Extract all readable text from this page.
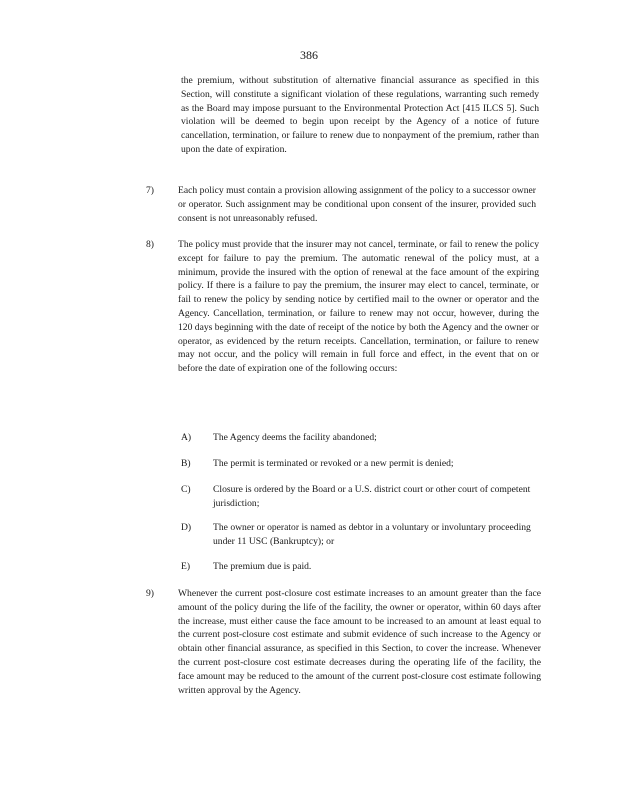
386
the premium, without substitution of alternative financial assurance as specified in this Section, will constitute a significant violation of these regulations, warranting such remedy as the Board may impose pursuant to the Environmental Protection Act [415 ILCS 5]. Such violation will be deemed to begin upon receipt by the Agency of a notice of future cancellation, termination, or failure to renew due to nonpayment of the premium, rather than upon the date of expiration.
7)	Each policy must contain a provision allowing assignment of the policy to a successor owner or operator. Such assignment may be conditional upon consent of the insurer, provided such consent is not unreasonably refused.
8)	The policy must provide that the insurer may not cancel, terminate, or fail to renew the policy except for failure to pay the premium. The automatic renewal of the policy must, at a minimum, provide the insured with the option of renewal at the face amount of the expiring policy. If there is a failure to pay the premium, the insurer may elect to cancel, terminate, or fail to renew the policy by sending notice by certified mail to the owner or operator and the Agency. Cancellation, termination, or failure to renew may not occur, however, during the 120 days beginning with the date of receipt of the notice by both the Agency and the owner or operator, as evidenced by the return receipts. Cancellation, termination, or failure to renew may not occur, and the policy will remain in full force and effect, in the event that on or before the date of expiration one of the following occurs:
A) The Agency deems the facility abandoned;
B) The permit is terminated or revoked or a new permit is denied;
C) Closure is ordered by the Board or a U.S. district court or other court of competent jurisdiction;
D) The owner or operator is named as debtor in a voluntary or involuntary proceeding under 11 USC (Bankruptcy); or
E) The premium due is paid.
9)	Whenever the current post-closure cost estimate increases to an amount greater than the face amount of the policy during the life of the facility, the owner or operator, within 60 days after the increase, must either cause the face amount to be increased to an amount at least equal to the current post-closure cost estimate and submit evidence of such increase to the Agency or obtain other financial assurance, as specified in this Section, to cover the increase. Whenever the current post-closure cost estimate decreases during the operating life of the facility, the face amount may be reduced to the amount of the current post-closure cost estimate following written approval by the Agency.
